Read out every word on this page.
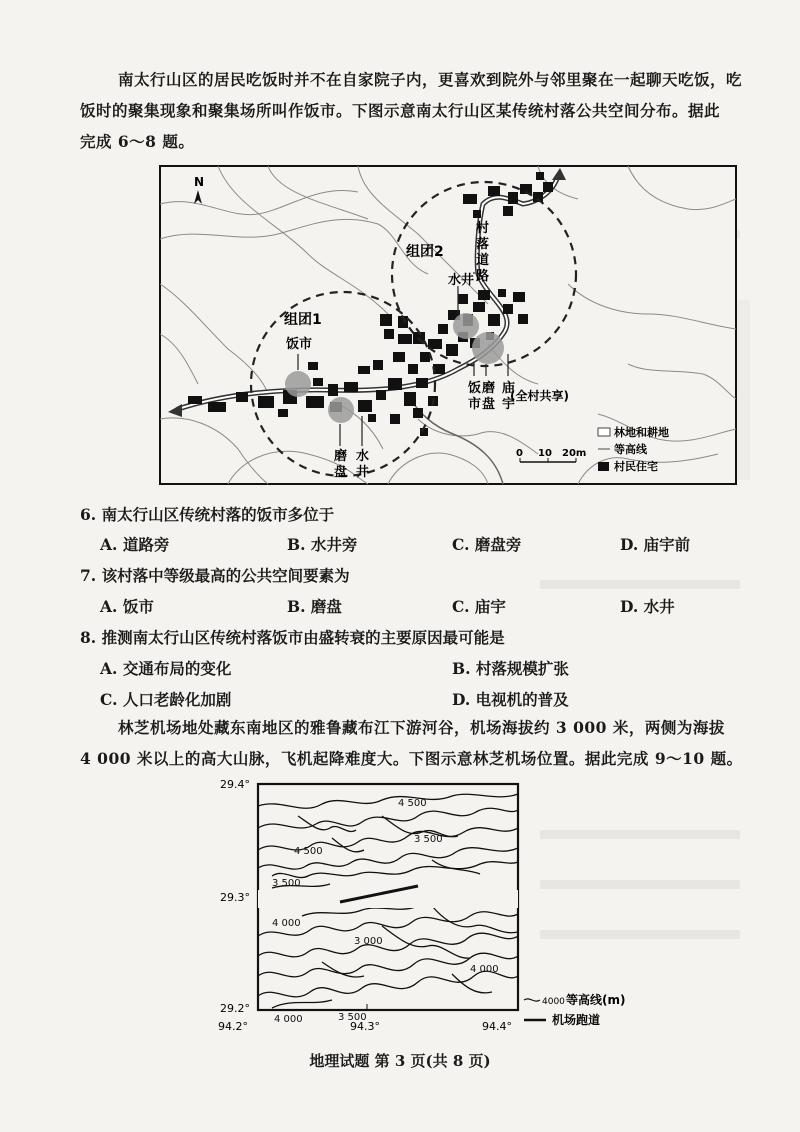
南太行山区的居民吃饭时并不在自家院子内，更喜欢到院外与邻里聚在一起聊天吃饭，吃
饭时的聚集现象和聚集场所叫作饭市。下图示意南太行山区某传统村落公共空间分布。据此
完成 6～8 题。
N
组团1
组团2
饭市
水井
村
落
道
路
磨
盘
水
井
饭
市
磨
盘
庙
宇
(全村共享)
林地和耕地
等高线
村民住宅
0 10 20m
6. 南太行山区传统村落的饭市多位于
A. 道路旁	B. 水井旁	C. 磨盘旁	D. 庙宇前
7. 该村落中等级最高的公共空间要素为
A. 饭市	B. 磨盘	C. 庙宇	D. 水井
8. 推测南太行山区传统村落饭市由盛转衰的主要原因最可能是
A. 交通布局的变化	B. 村落规模扩张
C. 人口老龄化加剧	D. 电视机的普及
林芝机场地处藏东南地区的雅鲁藏布江下游河谷，机场海拔约 3 000 米，两侧为海拔
4 000 米以上的高大山脉，飞机起降难度大。下图示意林芝机场位置。据此完成 9～10 题。
29.4°
29.3°
29.2°
94.2°	94.3°	94.4°
4 500
4 500
3 500
3 500
4 000
3 000
4 000
4 000	3 500
4000 等高线(m)
机场跑道
地理试题 第 3 页(共 8 页)
